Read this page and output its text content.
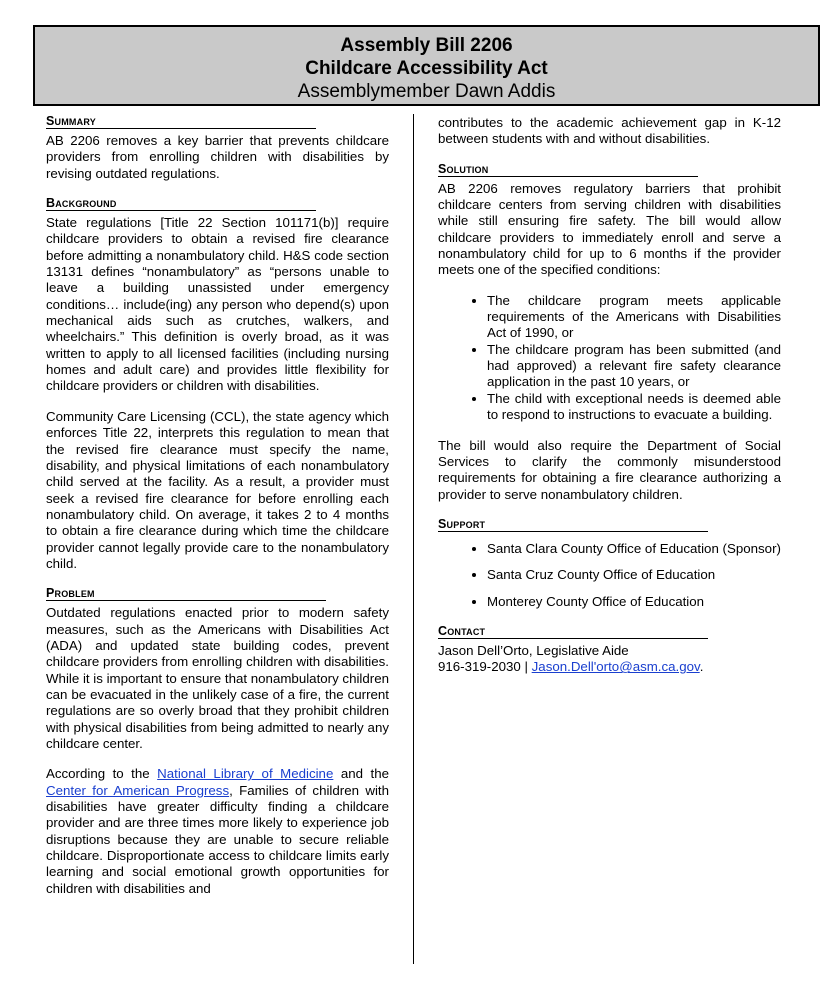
Assembly Bill 2206
Childcare Accessibility Act
Assemblymember Dawn Addis
Summary

AB 2206 removes a key barrier that prevents childcare providers from enrolling children with disabilities by revising outdated regulations.

Background

State regulations [Title 22 Section 101171(b)] require childcare providers to obtain a revised fire clearance before admitting a nonambulatory child. H&S code section 13131 defines “nonambulatory” as “persons unable to leave a building unassisted under emergency conditions… include(ing) any person who depend(s) upon mechanical aids such as crutches, walkers, and wheelchairs.” This definition is overly broad, as it was written to apply to all licensed facilities (including nursing homes and adult care) and provides little flexibility for childcare providers or children with disabilities.

Community Care Licensing (CCL), the state agency which enforces Title 22, interprets this regulation to mean that the revised fire clearance must specify the name, disability, and physical limitations of each nonambulatory child served at the facility. As a result, a provider must seek a revised fire clearance for before enrolling each nonambulatory child. On average, it takes 2 to 4 months to obtain a fire clearance during which time the childcare provider cannot legally provide care to the nonambulatory child.

Problem

Outdated regulations enacted prior to modern safety measures, such as the Americans with Disabilities Act (ADA) and updated state building codes, prevent childcare providers from enrolling children with disabilities. While it is important to ensure that nonambulatory children can be evacuated in the unlikely case of a fire, the current regulations are so overly broad that they prohibit children with physical disabilities from being admitted to nearly any childcare center.

According to the National Library of Medicine and the Center for American Progress, Families of children with disabilities have greater difficulty finding a childcare provider and are three times more likely to experience job disruptions because they are unable to secure reliable childcare. Disproportionate access to childcare limits early learning and social emotional growth opportunities for children with disabilities and

contributes to the academic achievement gap in K-12 between students with and without disabilities.

Solution

AB 2206 removes regulatory barriers that prohibit childcare centers from serving children with disabilities while still ensuring fire safety. The bill would allow childcare providers to immediately enroll and serve a nonambulatory child for up to 6 months if the provider meets one of the specified conditions:

• The childcare program meets applicable requirements of the Americans with Disabilities Act of 1990, or
• The childcare program has been submitted (and had approved) a relevant fire safety clearance application in the past 10 years, or
• The child with exceptional needs is deemed able to respond to instructions to evacuate a building.

The bill would also require the Department of Social Services to clarify the commonly misunderstood requirements for obtaining a fire clearance authorizing a provider to serve nonambulatory children.

Support
• Santa Clara County Office of Education (Sponsor)
• Santa Cruz County Office of Education
• Monterey County Office of Education
Contact

Jason Dell’Orto, Legislative Aide

916-319-2030 | Jason.Dell'orto@asm.ca.gov.
